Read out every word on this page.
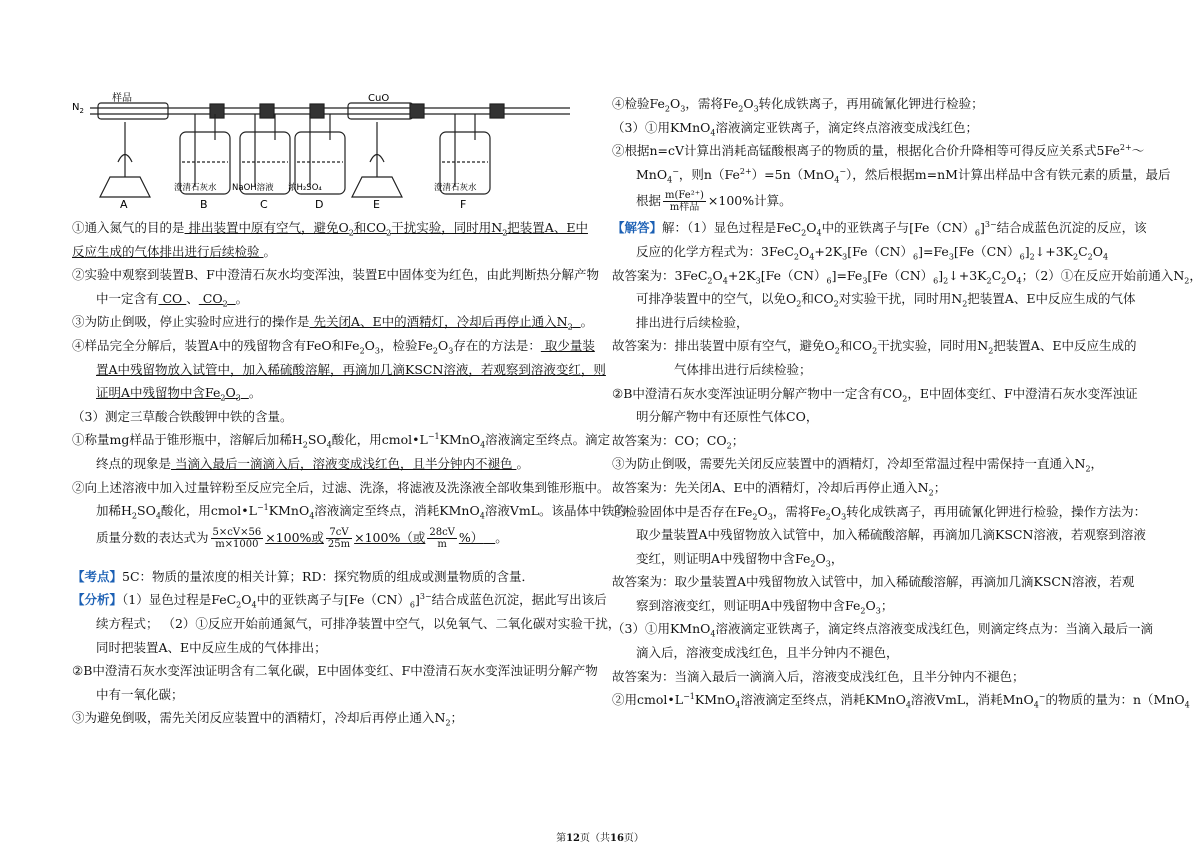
$N_2$
样品	CuO
澄清石灰水 NaOH溶液 浓H₂SO₄	澄清石灰水
A	B	C	D	E	F

①通入氮气的目的是 排出装置中原有空气，避免$O_2$和$CO_2$干扰实验，同时用$N_2$把装置A、E中

反应生成的气体排出进行后续检验 。

②实验中观察到装置B、F中澄清石灰水均变浑浊，装置E中固体变为红色，由此判断热分解产物

中一定含有 CO 、 $CO_2$ 。

③为防止倒吸，停止实验时应进行的操作是 先关闭A、E中的酒精灯，冷却后再停止通入$N_2$ 。

④样品完全分解后，装置A中的残留物含有FeO和$Fe_2O_3$，检验$Fe_2O_3$存在的方法是： 取少量装

置A中残留物放入试管中，加入稀硫酸溶解，再滴加几滴KSCN溶液，若观察到溶液变红，则

证明A中残留物中含$Fe_2O_3$ 。

（3）测定三草酸合铁酸钾中铁的含量。

①称量mg样品于锥形瓶中，溶解后加稀$H_2SO_4$酸化，用$cmol•L^{-1}KMnO_4$溶液滴定至终点。滴定

终点的现象是 当滴入最后一滴滴入后，溶液变成浅红色，且半分钟内不褪色 。

②向上述溶液中加入过量锌粉至反应完全后，过滤、洗涤，将滤液及洗涤液全部收集到锥形瓶中。

加稀$H_2SO_4$酸化，用$cmol•L^{-1}KMnO_4$溶液滴定至终点，消耗KMnO$_4$溶液VmL。该晶体中铁的

质量分数的表达式为 $\frac{5\times cV\times 56}{m\times 1000} \times 100\%$或 $\frac{7cV}{25m} \times 100\%$（或 $\frac{28cV}{m}$ %） 。

【考点】5C：物质的量浓度的相关计算；RD：探究物质的组成或测量物质的含量．

【分析】（1）显色过程是$FeC_2O_4$中的亚铁离子与$[Fe(CN)_6]^{3-}$结合成蓝色沉淀，据此写出该后

续方程式； （2）①反应开始前通氮气，可排净装置中空气，以免氧气、二氧化碳对实验干扰，

同时把装置A、E中反应生成的气体排出；

②B中澄清石灰水变浑浊证明含有二氧化碳，E中固体变红、F中澄清石灰水变浑浊证明分解产物

中有一氧化碳；

③为避免倒吸，需先关闭反应装置中的酒精灯，冷却后再停止通入$N_2$；

④检验$Fe_2O_3$，需将$Fe_2O_3$转化成铁离子，再用硫氰化钾进行检验；

（3）①用KMnO$_4$溶液滴定亚铁离子，滴定终点溶液变成浅红色；

②根据n=cV计算出消耗高锰酸根离子的物质的量，根据化合价升降相等可得反应关系式$5Fe^{2+}\sim$

MnO$_4$−，则$n(Fe^{2+})=5n(MnO_4^-)$，然后根据m=nM计算出样品中含有铁元素的质量，最后

根据 $\frac{\text{m(Fe²⁺)}}{\text{m样品}} \times 100\%$计算。

【解答】解：（1）显色过程是$FeC_2O_4$中的亚铁离子与$[Fe(CN)_6]^{3-}$结合成蓝色沉淀的反应，该

反应的化学方程式为：$3FeC_2O_4+2K_3[Fe(CN)_6]=Fe_3[Fe(CN)_6]_2↓+3K_2C_2O_4$

故答案为：$3FeC_2O_4+2K_3[Fe(CN)_6]=Fe_3[Fe(CN)_6]_2↓+3K_2C_2O_4$；（2）①在反应开始前通入$N_2$，

可排净装置中的空气，以免$O_2$和$CO_2$对实验干扰，同时用$N_2$把装置A、E中反应生成的气体

排出进行后续检验，

故答案为：排出装置中原有空气，避免$O_2$和$CO_2$干扰实验，同时用$N_2$把装置A、E中反应生成的

气体排出进行后续检验；

②B中澄清石灰水变浑浊证明分解产物中一定含有$CO_2$，E中固体变红、F中澄清石灰水变浑浊证

明分解产物中有还原性气体CO，

故答案为：CO；$CO_2$；

③为防止倒吸，需要先关闭反应装置中的酒精灯，冷却至常温过程中需保持一直通入$N_2$，

故答案为：先关闭A、E中的酒精灯，冷却后再停止通入$N_2$；

④检验固体中是否存在$Fe_2O_3$，需将$Fe_2O_3$转化成铁离子，再用硫氰化钾进行检验，操作方法为：

取少量装置A中残留物放入试管中，加入稀硫酸溶解，再滴加几滴KSCN溶液，若观察到溶液

变红，则证明A中残留物中含$Fe_2O_3$，

故答案为：取少量装置A中残留物放入试管中，加入稀硫酸溶解，再滴加几滴KSCN溶液，若观

察到溶液变红，则证明A中残留物中含$Fe_2O_3$；

（3）①用KMnO$_4$溶液滴定亚铁离子，滴定终点溶液变成浅红色，则滴定终点为：当滴入最后一滴

滴入后，溶液变成浅红色，且半分钟内不褪色，

故答案为：当滴入最后一滴滴入后，溶液变成浅红色，且半分钟内不褪色；

②用$cmol•L^{-1}KMnO_4$溶液滴定至终点，消耗KMnO$_4$溶液VmL，消耗MnO$_4$−的物质的量为：n（MnO$_4$

第12页（共16页）
